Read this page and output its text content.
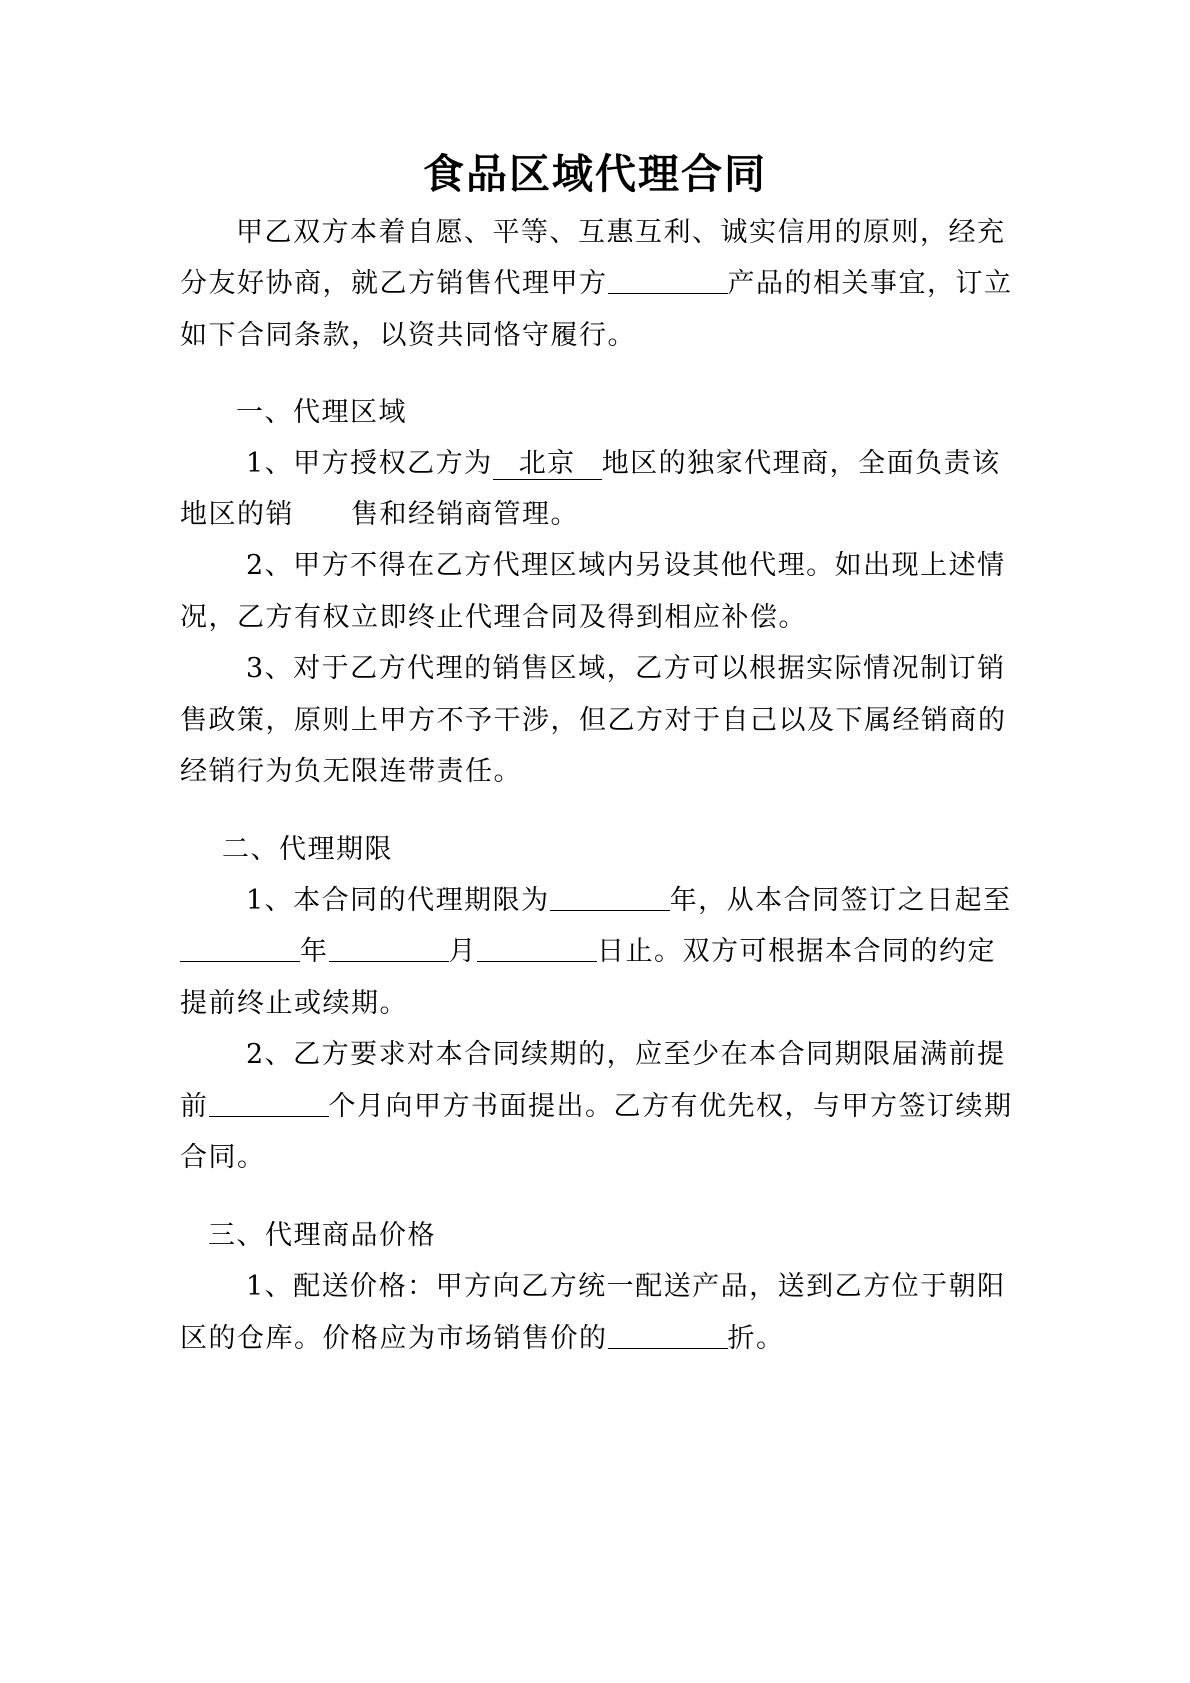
食品区域代理合同
甲乙双方本着自愿、平等、互惠互利、诚实信用的原则，经充
分友好协商，就乙方销售代理甲方	产品的相关事宜，订立
如下合同条款，以资共同恪守履行。
一、代理区域
1、甲方授权乙方为 北京 地区的独家代理商，全面负责该
地区的销　　售和经销商管理。
2、甲方不得在乙方代理区域内另设其他代理。如出现上述情
况，乙方有权立即终止代理合同及得到相应补偿。
3、对于乙方代理的销售区域，乙方可以根据实际情况制订销
售政策，原则上甲方不予干涉，但乙方对于自己以及下属经销商的
经销行为负无限连带责任。
二、代理期限
1、本合同的代理期限为	年，从本合同签订之日起至
年	月	日止。双方可根据本合同的约定
提前终止或续期。
2、乙方要求对本合同续期的，应至少在本合同期限届满前提
前	个月向甲方书面提出。乙方有优先权，与甲方签订续期
合同。
三、代理商品价格
1、配送价格：甲方向乙方统一配送产品，送到乙方位于朝阳
区的仓库。价格应为市场销售价的	折。
